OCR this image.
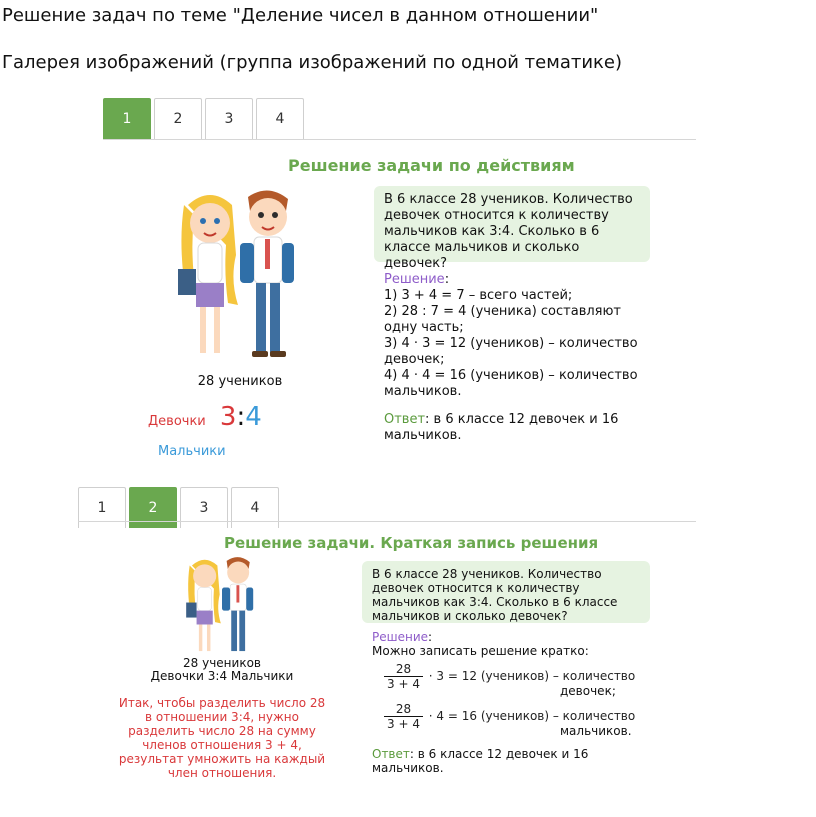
Решение задач по теме "Деление чисел в данном отношении"
Галерея изображений (группа изображений по одной тематике)
1	2	3	4
Решение задачи по действиям
28 учеников
Девочки 3:4 Мальчики
В 6 классе 28 учеников. Количество девочек относится к количеству мальчиков как 3:4. Сколько в 6 классе мальчиков и сколько девочек?
Решение:
1) 3 + 4 = 7 – всего частей;
2) 28 : 7 = 4 (ученика) составляют одну часть;
3) 4 · 3 = 12 (учеников) – количество девочек;
4) 4 · 4 = 16 (учеников) – количество мальчиков.
Ответ: в 6 классе 12 девочек и 16 мальчиков.
1	2	3	4
Решение задачи. Краткая запись решения
28 учеников
Девочки 3:4 Мальчики
Итак, чтобы разделить число 28 в отношении 3:4, нужно разделить число 28 на сумму членов отношения 3 + 4, результат умножить на каждый член отношения.
В 6 классе 28 учеников. Количество девочек относится к количеству мальчиков как 3:4. Сколько в 6 классе мальчиков и сколько девочек?
Решение:
Можно записать решение кратко:
$\frac{28}{3 + 4} \cdot 3 = 12$ (учеников) – количество
девочек;
$\frac{28}{3 + 4} \cdot 4 = 16$ (учеников) – количество
мальчиков.
Ответ: в 6 классе 12 девочек и 16 мальчиков.
